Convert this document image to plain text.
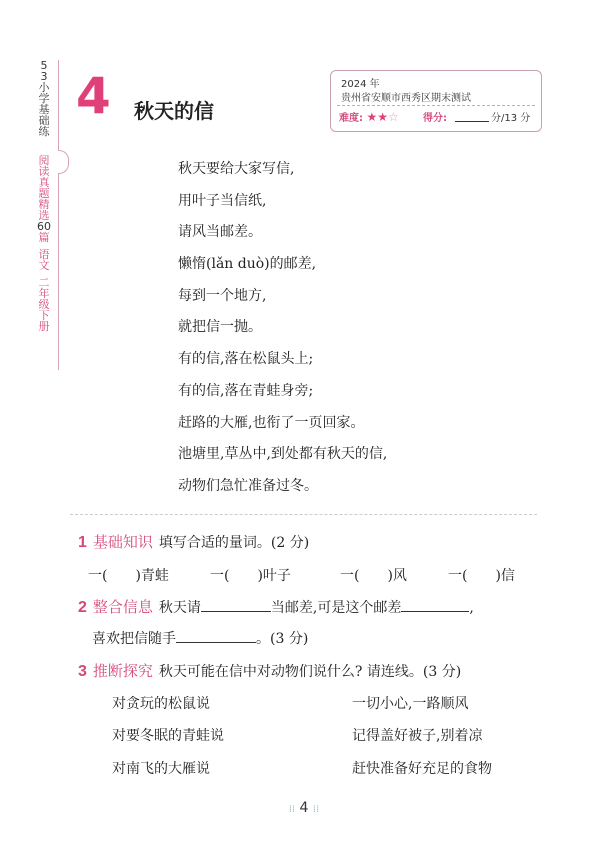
5
3
小
学
基
础
练
阅
读
真
题
精
选
60
篇
语
文
二
年
级
下
册
4 秋天的信
2024 年
贵州省安顺市西秀区期末测试
难度: ★★☆ 得分:	分/13 分
秋天要给大家写信,
用叶子当信纸,
请风当邮差。
懒惰(lǎn duò)的邮差,
每到一个地方,
就把信一抛。
有的信,落在松鼠头上;
有的信,落在青蛙身旁;
赶路的大雁,也衔了一页回家。
池塘里,草丛中,到处都有秋天的信,
动物们急忙准备过冬。
1 基础知识 填写合适的量词。(2 分)
一( )青蛙	一( )叶子	一( )风	一( )信
2 整合信息 秋天请	当邮差,可是这个邮差	,
喜欢把信随手	。(3 分)
3 推断探究 秋天可能在信中对动物们说什么? 请连线。(3 分)
对贪玩的松鼠说
对要冬眠的青蛙说
对南飞的大雁说
一切小心,一路顺风
记得盖好被子,别着凉
赶快准备好充足的食物
⁞⁞ 4 ⁞⁞
